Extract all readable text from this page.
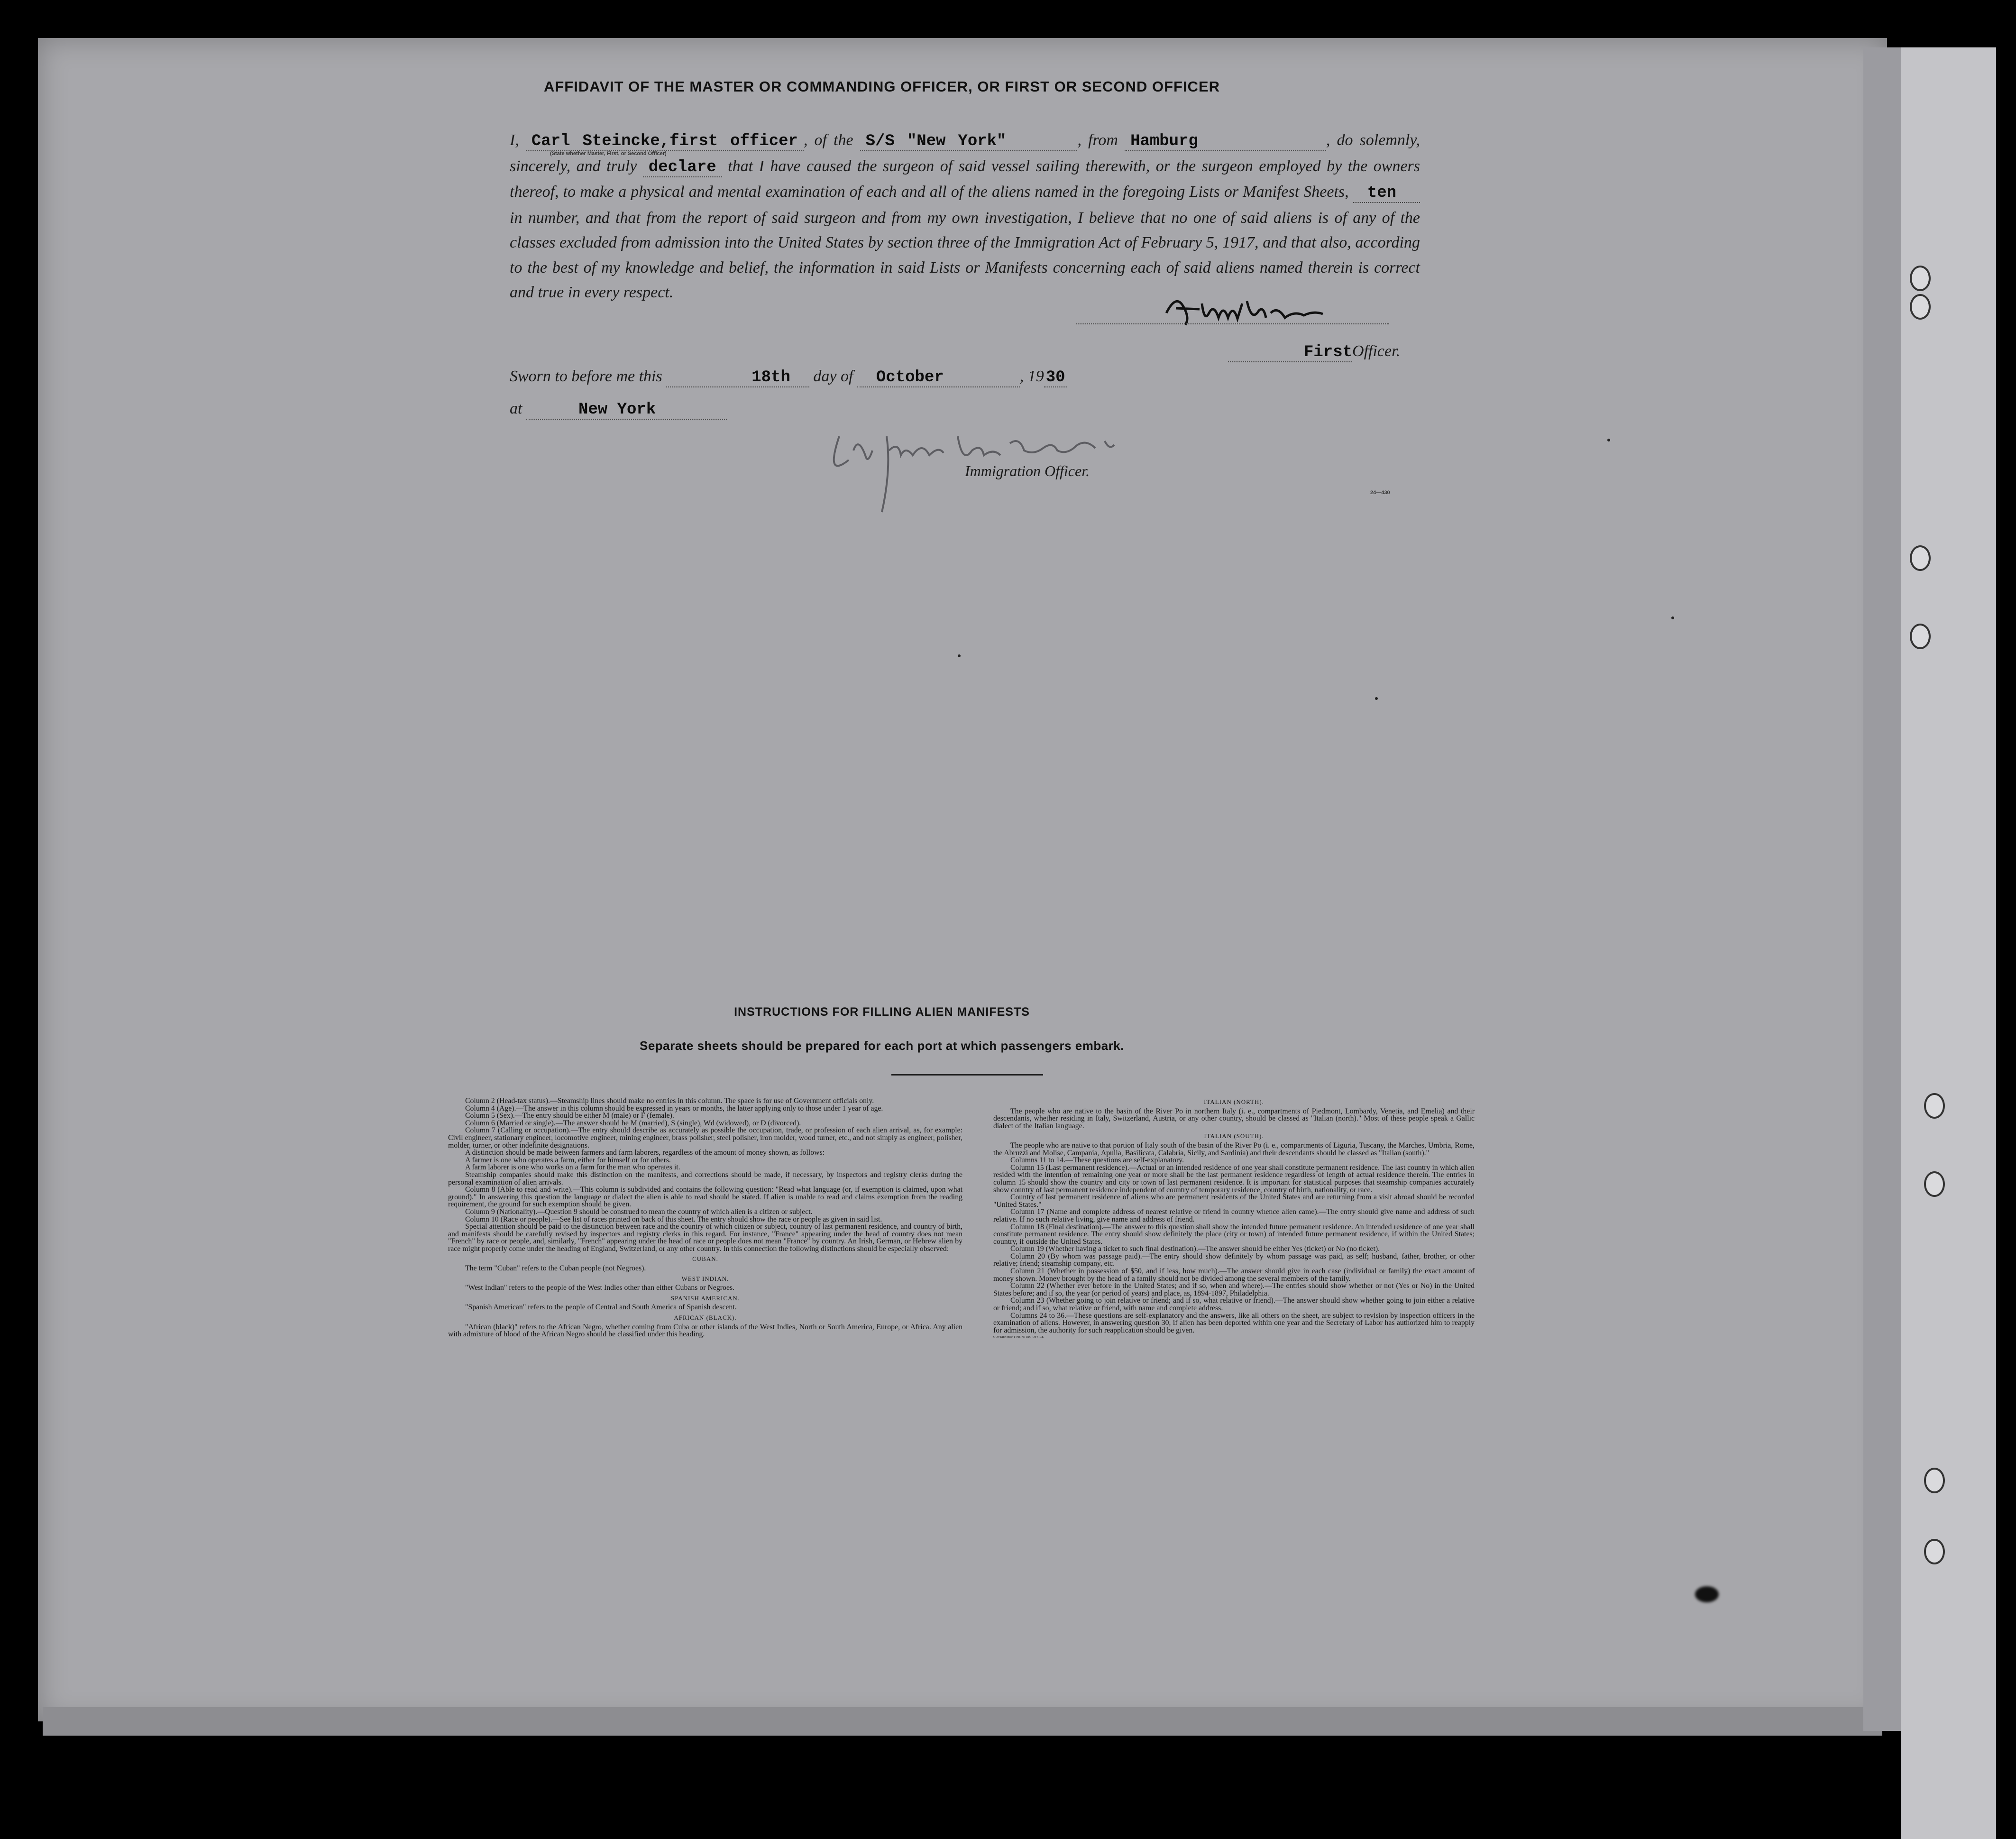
AFFIDAVIT OF THE MASTER OR COMMANDING OFFICER, OR FIRST OR SECOND OFFICER
I, Carl Steincke,first officer , of the S/S "New York"	, from Hamburg	, do solemnly, sincerely, and truly declare that I have caused the surgeon of said vessel sailing therewith, or the surgeon employed by the owners thereof, to make a physical and mental examination of each and all of the aliens named in the foregoing Lists or Manifest Sheets, ten in number, and that from the report of said surgeon and from my own investigation, I believe that no one of said aliens is of any of the classes excluded from admission into the United States by section three of the Immigration Act of February 5, 1917, and that also, according to the best of my knowledge and belief, the information in said Lists or Manifests concerning each of said aliens named therein is correct and true in every respect.
(State whether Master, First, or Second Officer)
FirstOfficer.
Sworn to before me this	18th day of October	, 19 30
at	New York
Immigration Officer.
24—430
INSTRUCTIONS FOR FILLING ALIEN MANIFESTS
Separate sheets should be prepared for each port at which passengers embark.

Column 2 (Head-tax status).—Steamship lines should make no entries in this column. The space is for use of Government officials only.

Column 4 (Age).—The answer in this column should be expressed in years or months, the latter applying only to those under 1 year of age.

Column 5 (Sex).—The entry should be either M (male) or F (female).

Column 6 (Married or single).—The answer should be M (married), S (single), Wd (widowed), or D (divorced).

Column 7 (Calling or occupation).—The entry should describe as accurately as possible the occupation, trade, or profession of each alien arrival, as, for example: Civil engineer, stationary engineer, locomotive engineer, mining engineer, brass polisher, steel polisher, iron molder, wood turner, etc., and not simply as engineer, polisher, molder, turner, or other indefinite designations.

A distinction should be made between farmers and farm laborers, regardless of the amount of money shown, as follows:

A farmer is one who operates a farm, either for himself or for others.

A farm laborer is one who works on a farm for the man who operates it.

Steamship companies should make this distinction on the manifests, and corrections should be made, if necessary, by inspectors and registry clerks during the personal examination of alien arrivals.

Column 8 (Able to read and write).—This column is subdivided and contains the following question: "Read what language (or, if exemption is claimed, upon what ground)." In answering this question the language or dialect the alien is able to read should be stated. If alien is unable to read and claims exemption from the reading requirement, the ground for such exemption should be given.

Column 9 (Nationality).—Question 9 should be construed to mean the country of which alien is a citizen or subject.

Column 10 (Race or people).—See list of races printed on back of this sheet. The entry should show the race or people as given in said list.

Special attention should be paid to the distinction between race and the country of which citizen or subject, country of last permanent residence, and country of birth, and manifests should be carefully revised by inspectors and registry clerks in this regard. For instance, "France" appearing under the head of country does not mean "French" by race or people, and, similarly, "French" appearing under the head of race or people does not mean "France" by country. An Irish, German, or Hebrew alien by race might properly come under the heading of England, Switzerland, or any other country. In this connection the following distinctions should be especially observed:

CUBAN.

The term "Cuban" refers to the Cuban people (not Negroes).

WEST INDIAN.

"West Indian" refers to the people of the West Indies other than either Cubans or Negroes.

SPANISH AMERICAN.

"Spanish American" refers to the people of Central and South America of Spanish descent.

AFRICAN (BLACK).

"African (black)" refers to the African Negro, whether coming from Cuba or other islands of the West Indies, North or South America, Europe, or Africa. Any alien with admixture of blood of the African Negro should be classified under this heading.

ITALIAN (NORTH).

The people who are native to the basin of the River Po in northern Italy (i. e., compartments of Piedmont, Lombardy, Venetia, and Emelia) and their descendants, whether residing in Italy, Switzerland, Austria, or any other country, should be classed as "Italian (north)." Most of these people speak a Gallic dialect of the Italian language.

ITALIAN (SOUTH).

The people who are native to that portion of Italy south of the basin of the River Po (i. e., compartments of Liguria, Tuscany, the Marches, Umbria, Rome, the Abruzzi and Molise, Campania, Apulia, Basilicata, Calabria, Sicily, and Sardinia) and their descendants should be classed as "Italian (south)."

Columns 11 to 14.—These questions are self-explanatory.

Column 15 (Last permanent residence).—Actual or an intended residence of one year shall constitute permanent residence. The last country in which alien resided with the intention of remaining one year or more shall be the last permanent residence regardless of length of actual residence therein. The entries in column 15 should show the country and city or town of last permanent residence. It is important for statistical purposes that steamship companies accurately show country of last permanent residence independent of country of temporary residence, country of birth, nationality, or race.

Country of last permanent residence of aliens who are permanent residents of the United States and are returning from a visit abroad should be recorded "United States."

Column 17 (Name and complete address of nearest relative or friend in country whence alien came).—The entry should give name and address of such relative. If no such relative living, give name and address of friend.

Column 18 (Final destination).—The answer to this question shall show the intended future permanent residence. An intended residence of one year shall constitute permanent residence. The entry should show definitely the place (city or town) of intended future permanent residence, if within the United States; country, if outside the United States.

Column 19 (Whether having a ticket to such final destination).—The answer should be either Yes (ticket) or No (no ticket).

Column 20 (By whom was passage paid).—The entry should show definitely by whom passage was paid, as self; husband, father, brother, or other relative; friend; steamship company, etc.

Column 21 (Whether in possession of $50, and if less, how much).—The answer should give in each case (individual or family) the exact amount of money shown. Money brought by the head of a family should not be divided among the several members of the family.

Column 22 (Whether ever before in the United States; and if so, when and where).—The entries should show whether or not (Yes or No) in the United States before; and if so, the year (or period of years) and place, as, 1894-1897, Philadelphia.

Column 23 (Whether going to join relative or friend; and if so, what relative or friend).—The answer should show whether going to join either a relative or friend; and if so, what relative or friend, with name and complete address.

Columns 24 to 36.—These questions are self-explanatory and the answers, like all others on the sheet, are subject to revision by inspection officers in the examination of aliens. However, in answering question 30, if alien has been deported within one year and the Secretary of Labor has authorized him to reapply for admission, the authority for such reapplication should be given.

GOVERNMENT PRINTING OFFICE
